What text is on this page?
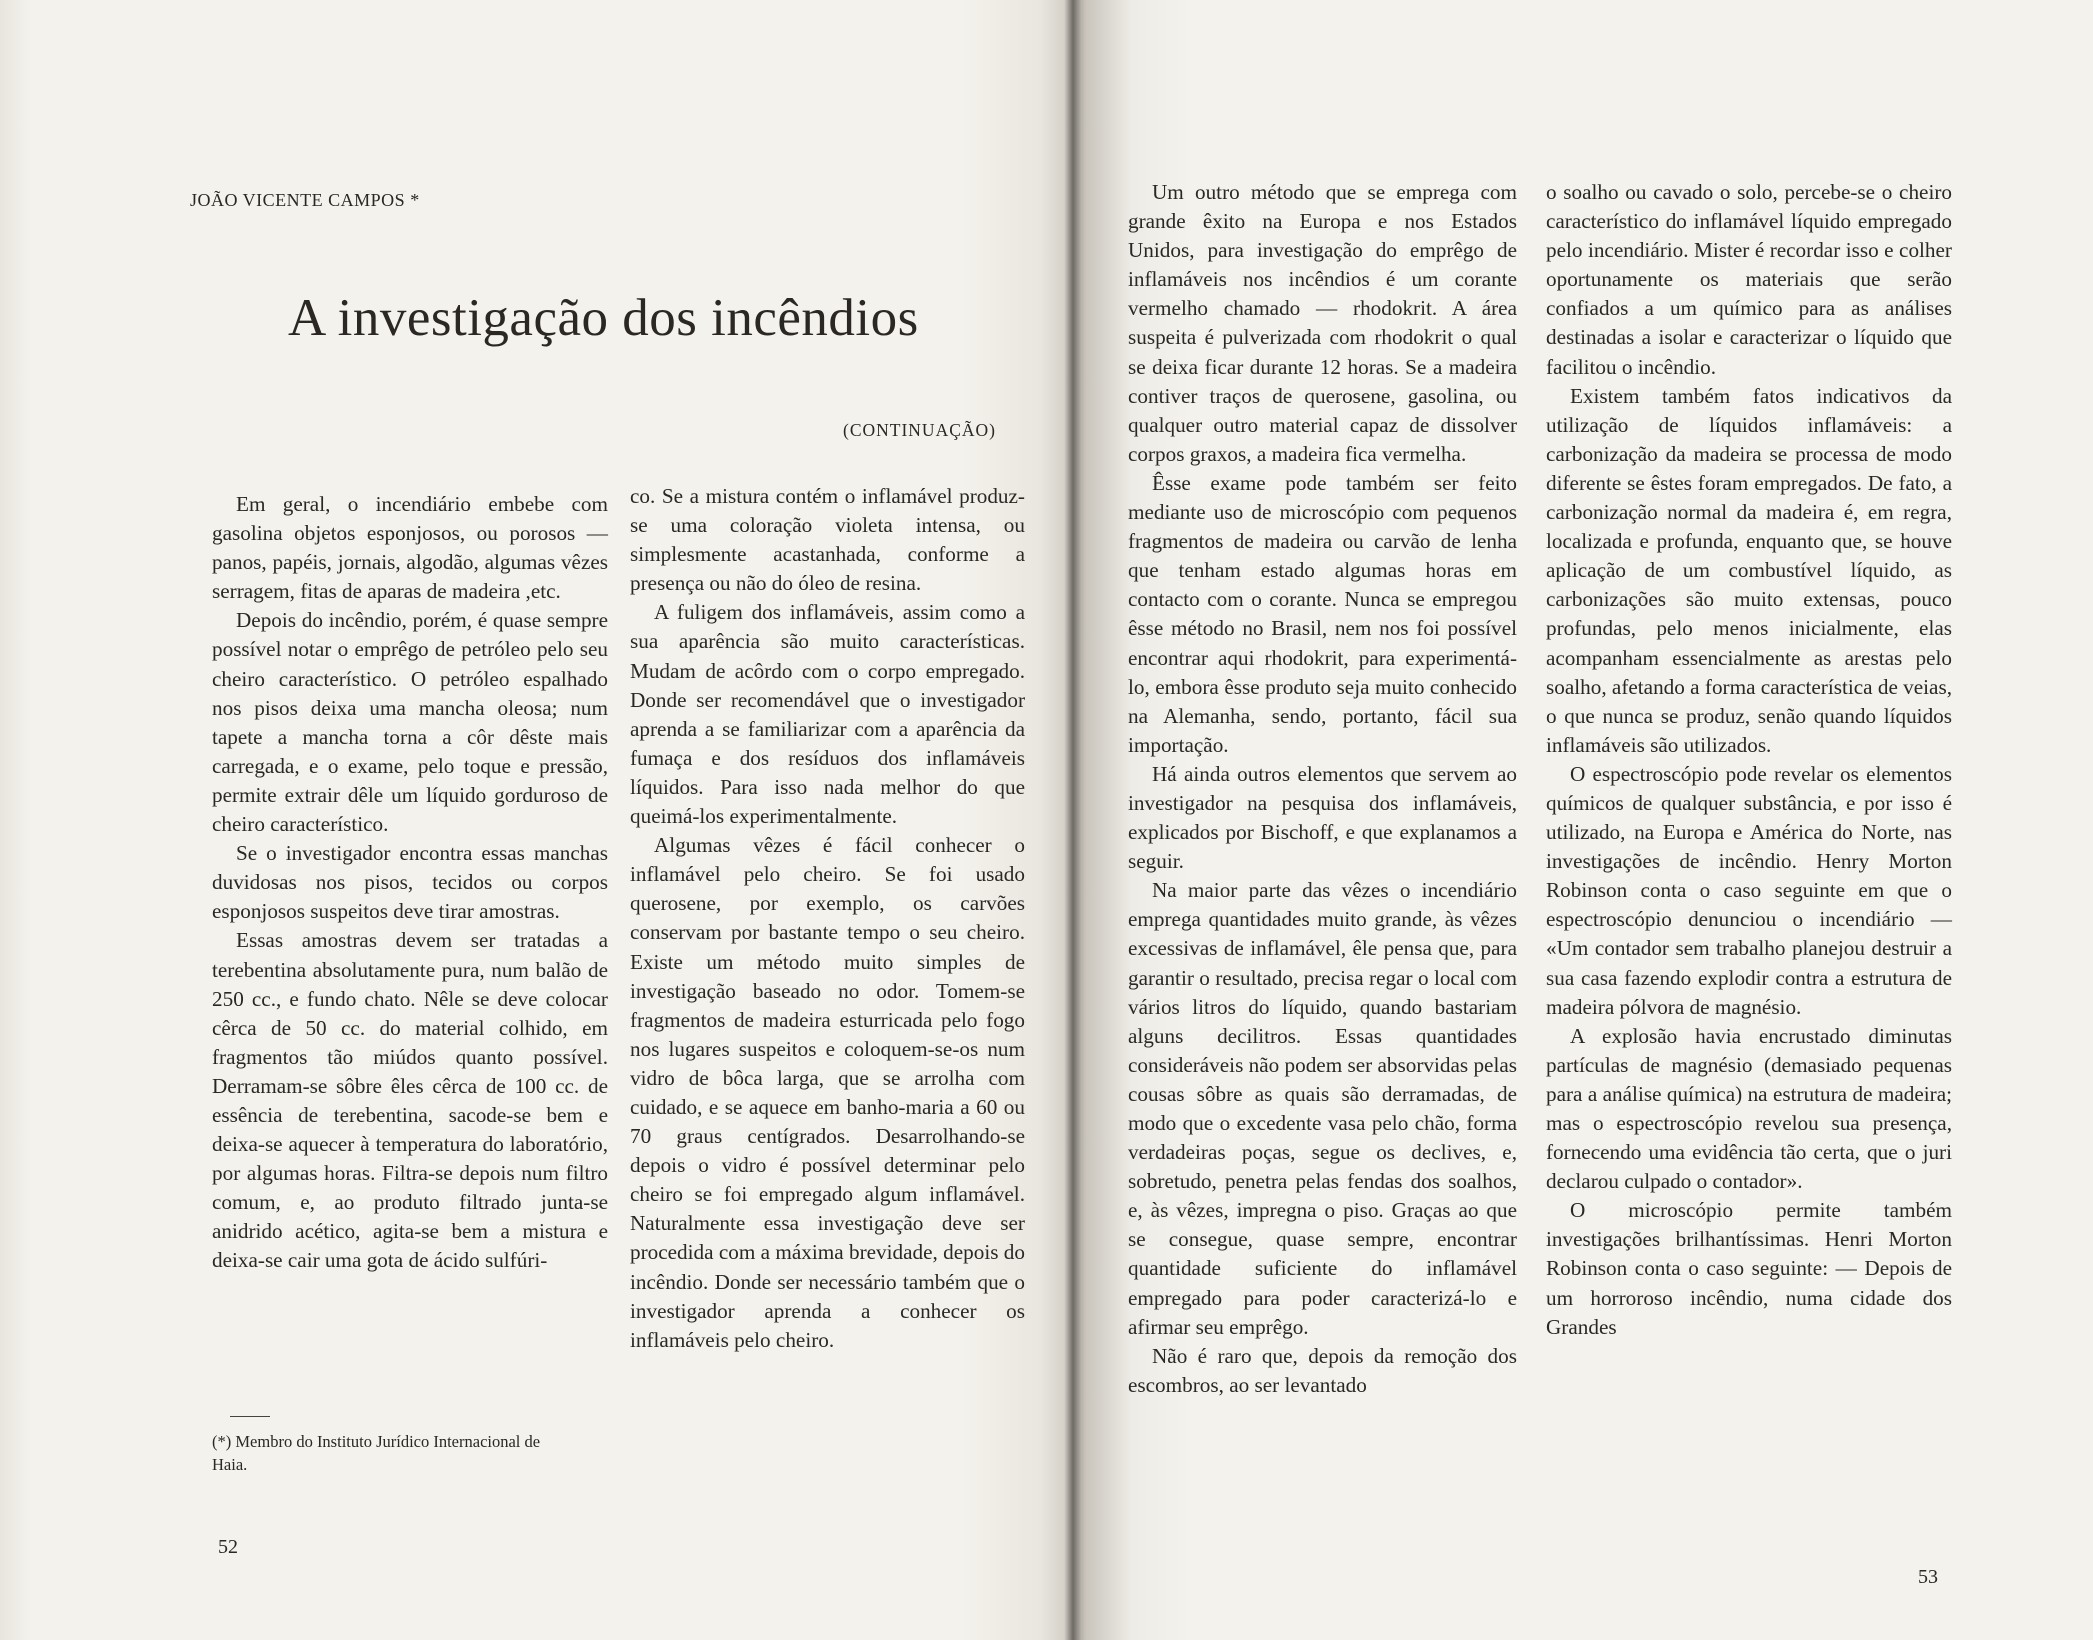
JOÃO VICENTE CAMPOS *
A investigação dos incêndios
(CONTINUAÇÃO)

Em geral, o incendiário embebe com gasolina objetos esponjosos, ou porosos — panos, papéis, jornais, algodão, algumas vêzes serragem, fitas de aparas de madeira ,etc.

Depois do incêndio, porém, é quase sempre possível notar o emprêgo de petróleo pelo seu cheiro característico. O petróleo espalhado nos pisos deixa uma mancha oleosa; num tapete a mancha torna a côr dêste mais carregada, e o exame, pelo toque e pressão, permite extrair dêle um líquido gorduroso de cheiro característico.

Se o investigador encontra essas manchas duvidosas nos pisos, tecidos ou corpos esponjosos suspeitos deve tirar amostras.

Essas amostras devem ser tratadas a terebentina absolutamente pura, num balão de 250 cc., e fundo chato. Nêle se deve colocar cêrca de 50 cc. do material colhido, em fragmentos tão miúdos quanto possível. Derramam-se sôbre êles cêrca de 100 cc. de essência de terebentina, sacode-se bem e deixa-se aquecer à temperatura do laboratório, por algumas horas. Filtra-se depois num filtro comum, e, ao produto filtrado junta-se anidrido acético, agita-se bem a mistura e deixa-se cair uma gota de ácido sulfúri-

(*) Membro do Instituto Jurídico Internacional de Haia.

co. Se a mistura contém o inflamável produz-se uma coloração violeta intensa, ou simplesmente acastanhada, conforme a presença ou não do óleo de resina.

A fuligem dos inflamáveis, assim como a sua aparência são muito características. Mudam de acôrdo com o corpo empregado. Donde ser recomendável que o investigador aprenda a se familiarizar com a aparência da fumaça e dos resíduos dos inflamáveis líquidos. Para isso nada melhor do que queimá-los experimentalmente.

Algumas vêzes é fácil conhecer o inflamável pelo cheiro. Se foi usado querosene, por exemplo, os carvões conservam por bastante tempo o seu cheiro. Existe um método muito simples de investigação baseado no odor. Tomem-se fragmentos de madeira esturricada pelo fogo nos lugares suspeitos e coloquem-se-os num vidro de bôca larga, que se arrolha com cuidado, e se aquece em banho-maria a 60 ou 70 graus centígrados. Desarrolhando-se depois o vidro é possível determinar pelo cheiro se foi empregado algum inflamável. Naturalmente essa investigação deve ser procedida com a máxima brevidade, depois do incêndio. Donde ser necessário também que o investigador aprenda a conhecer os inflamáveis pelo cheiro.

52

Um outro método que se emprega com grande êxito na Europa e nos Estados Unidos, para investigação do emprêgo de inflamáveis nos incêndios é um corante vermelho chamado — rhodokrit. A área suspeita é pulverizada com rhodokrit o qual se deixa ficar durante 12 horas. Se a madeira contiver traços de querosene, gasolina, ou qualquer outro material capaz de dissolver corpos graxos, a madeira fica vermelha.

Êsse exame pode também ser feito mediante uso de microscópio com pequenos fragmentos de madeira ou carvão de lenha que tenham estado algumas horas em contacto com o corante. Nunca se empregou êsse método no Brasil, nem nos foi possível encontrar aqui rhodokrit, para experimentá-lo, embora êsse produto seja muito conhecido na Alemanha, sendo, portanto, fácil sua importação.

Há ainda outros elementos que servem ao investigador na pesquisa dos inflamáveis, explicados por Bischoff, e que explanamos a seguir.

Na maior parte das vêzes o incendiário emprega quantidades muito grande, às vêzes excessivas de inflamável, êle pensa que, para garantir o resultado, precisa regar o local com vários litros do líquido, quando bastariam alguns decilitros. Essas quantidades consideráveis não podem ser absorvidas pelas cousas sôbre as quais são derramadas, de modo que o excedente vasa pelo chão, forma verdadeiras poças, segue os declives, e, sobretudo, penetra pelas fendas dos soalhos, e, às vêzes, impregna o piso. Graças ao que se consegue, quase sempre, encontrar quantidade suficiente do inflamável empregado para poder caracterizá-lo e afirmar seu emprêgo.

Não é raro que, depois da remoção dos escombros, ao ser levantado

o soalho ou cavado o solo, percebe-se o cheiro característico do inflamável líquido empregado pelo incendiário. Mister é recordar isso e colher oportunamente os materiais que serão confiados a um químico para as análises destinadas a isolar e caracterizar o líquido que facilitou o incêndio.

Existem também fatos indicativos da utilização de líquidos inflamáveis: a carbonização da madeira se processa de modo diferente se êstes foram empregados. De fato, a carbonização normal da madeira é, em regra, localizada e profunda, enquanto que, se houve aplicação de um combustível líquido, as carbonizações são muito extensas, pouco profundas, pelo menos inicialmente, elas acompanham essencialmente as arestas pelo soalho, afetando a forma característica de veias, o que nunca se produz, senão quando líquidos inflamáveis são utilizados.

O espectroscópio pode revelar os elementos químicos de qualquer substância, e por isso é utilizado, na Europa e América do Norte, nas investigações de incêndio. Henry Morton Robinson conta o caso seguinte em que o espectroscópio denunciou o incendiário — «Um contador sem trabalho planejou destruir a sua casa fazendo explodir contra a estrutura de madeira pólvora de magnésio.

A explosão havia encrustado diminutas partículas de magnésio (demasiado pequenas para a análise química) na estrutura de madeira; mas o espectroscópio revelou sua presença, fornecendo uma evidência tão certa, que o juri declarou culpado o contador».

O microscópio permite também investigações brilhantíssimas. Henri Morton Robinson conta o caso seguinte: — Depois de um horroroso incêndio, numa cidade dos Grandes

53
